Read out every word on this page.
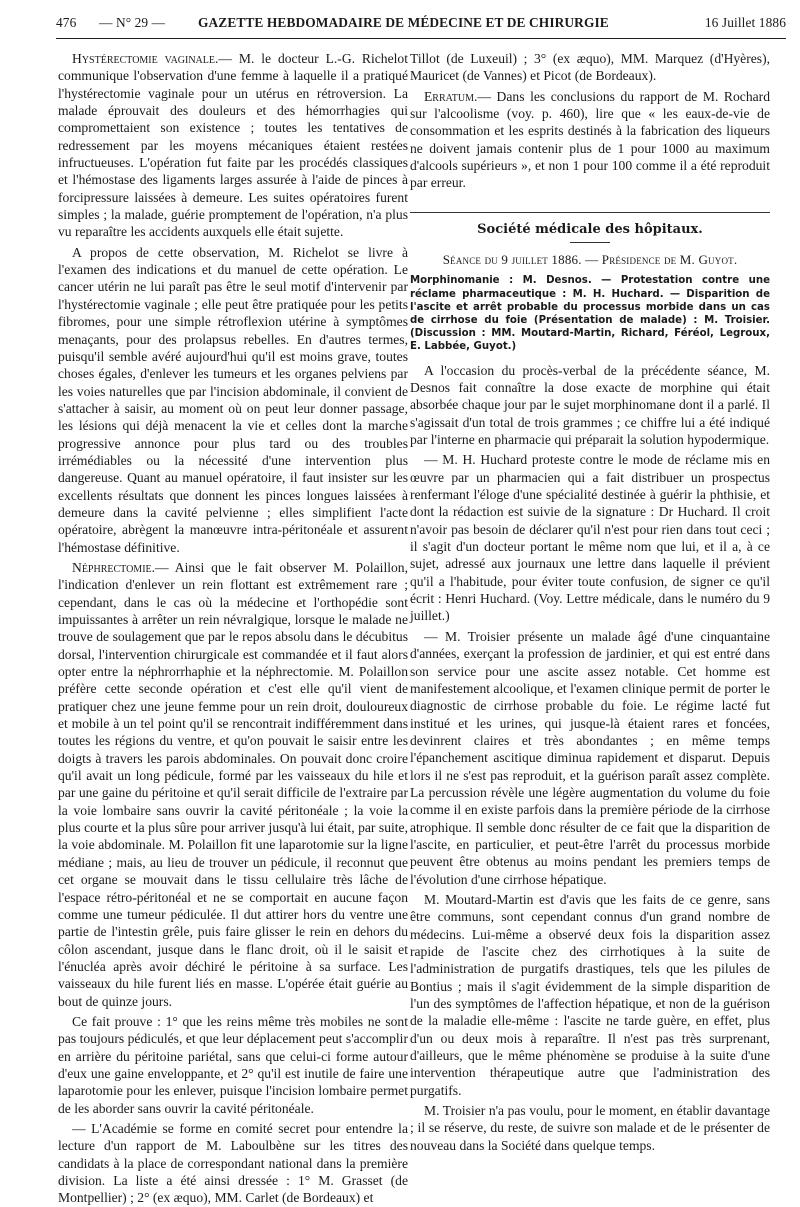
476 — N° 29 — GAZETTE HEBDOMADAIRE DE MÉDECINE ET DE CHIRURGIE	16 Juillet 1886

Hystérectomie vaginale.— M. le docteur L.-G. Richelot communique l'observation d'une femme à laquelle il a pratiqué l'hystérectomie vaginale pour un utérus en rétroversion. La malade éprouvait des douleurs et des hémorrhagies qui compromettaient son existence ; toutes les tentatives de redressement par les moyens mécaniques étaient restées infructueuses. L'opération fut faite par les procédés classiques et l'hémostase des ligaments larges assurée à l'aide de pinces à forcipressure laissées à demeure. Les suites opératoires furent simples ; la malade, guérie promptement de l'opération, n'a plus vu reparaître les accidents auxquels elle était sujette.

A propos de cette observation, M. Richelot se livre à l'examen des indications et du manuel de cette opération. Le cancer utérin ne lui paraît pas être le seul motif d'intervenir par l'hystérectomie vaginale ; elle peut être pratiquée pour les petits fibromes, pour une simple rétroflexion utérine à symptômes menaçants, pour des prolapsus rebelles. En d'autres termes, puisqu'il semble avéré aujourd'hui qu'il est moins grave, toutes choses égales, d'enlever les tumeurs et les organes pelviens par les voies naturelles que par l'incision abdominale, il convient de s'attacher à saisir, au moment où on peut leur donner passage, les lésions qui déjà menacent la vie et celles dont la marche progressive annonce pour plus tard ou des troubles irrémédiables ou la nécessité d'une intervention plus dangereuse. Quant au manuel opératoire, il faut insister sur les excellents résultats que donnent les pinces longues laissées à demeure dans la cavité pelvienne ; elles simplifient l'acte opératoire, abrègent la manœuvre intra-péritonéale et assurent l'hémostase définitive.

Néphrectomie.— Ainsi que le fait observer M. Polaillon, l'indication d'enlever un rein flottant est extrêmement rare ; cependant, dans le cas où la médecine et l'orthopédie sont impuissantes à arrêter un rein névralgique, lorsque le malade ne trouve de soulagement que par le repos absolu dans le décubitus dorsal, l'intervention chirurgicale est commandée et il faut alors opter entre la néphrorrhaphie et la néphrectomie. M. Polaillon préfère cette seconde opération et c'est elle qu'il vient de pratiquer chez une jeune femme pour un rein droit, douloureux et mobile à un tel point qu'il se rencontrait indifféremment dans toutes les régions du ventre, et qu'on pouvait le saisir entre les doigts à travers les parois abdominales. On pouvait donc croire qu'il avait un long pédicule, formé par les vaisseaux du hile et par une gaine du péritoine et qu'il serait difficile de l'extraire par la voie lombaire sans ouvrir la cavité péritonéale ; la voie la plus courte et la plus sûre pour arriver jusqu'à lui était, par suite, la voie abdominale. M. Polaillon fit une laparotomie sur la ligne médiane ; mais, au lieu de trouver un pédicule, il reconnut que cet organe se mouvait dans le tissu cellulaire très lâche de l'espace rétro-péritonéal et ne se comportait en aucune façon comme une tumeur pédiculée. Il dut attirer hors du ventre une partie de l'intestin grêle, puis faire glisser le rein en dehors du côlon ascendant, jusque dans le flanc droit, où il le saisit et l'énucléa après avoir déchiré le péritoine à sa surface. Les vaisseaux du hile furent liés en masse. L'opérée était guérie au bout de quinze jours.

Ce fait prouve : 1° que les reins même très mobiles ne sont pas toujours pédiculés, et que leur déplacement peut s'accomplir en arrière du péritoine pariétal, sans que celui-ci forme autour d'eux une gaine enveloppante, et 2° qu'il est inutile de faire une laparotomie pour les enlever, puisque l'incision lombaire permet de les aborder sans ouvrir la cavité péritonéale.

— L'Académie se forme en comité secret pour entendre la lecture d'un rapport de M. Laboulbène sur les titres des candidats à la place de correspondant national dans la première division. La liste a été ainsi dressée : 1° M. Grasset (de Montpellier) ; 2° (ex æquo), MM. Carlet (de Bordeaux) et

Tillot (de Luxeuil) ; 3° (ex æquo), MM. Marquez (d'Hyères), Mauricet (de Vannes) et Picot (de Bordeaux).

Erratum.— Dans les conclusions du rapport de M. Rochard sur l'alcoolisme (voy. p. 460), lire que « les eaux-de-vie de consommation et les esprits destinés à la fabrication des liqueurs ne doivent jamais contenir plus de 1 pour 1000 au maximum d'alcools supérieurs », et non 1 pour 100 comme il a été reproduit par erreur.

Société médicale des hôpitaux.
Séance du 9 juillet 1886. — Présidence de M. Guyot.
Morphinomanie : M. Desnos. — Protestation contre une réclame pharmaceutique : M. H. Huchard. — Disparition de l'ascite et arrêt probable du processus morbide dans un cas de cirrhose du foie (Présentation de malade) : M. Troisier. (Discussion : MM. Moutard-Martin, Richard, Féréol, Legroux, E. Labbée, Guyot.)

A l'occasion du procès-verbal de la précédente séance, M. Desnos fait connaître la dose exacte de morphine qui était absorbée chaque jour par le sujet morphinomane dont il a parlé. Il s'agissait d'un total de trois grammes ; ce chiffre lui a été indiqué par l'interne en pharmacie qui préparait la solution hypodermique.

— M. H. Huchard proteste contre le mode de réclame mis en œuvre par un pharmacien qui a fait distribuer un prospectus renfermant l'éloge d'une spécialité destinée à guérir la phthisie, et dont la rédaction est suivie de la signature : Dr Huchard. Il croit n'avoir pas besoin de déclarer qu'il n'est pour rien dans tout ceci ; il s'agit d'un docteur portant le même nom que lui, et il a, à ce sujet, adressé aux journaux une lettre dans laquelle il prévient qu'il a l'habitude, pour éviter toute confusion, de signer ce qu'il écrit : Henri Huchard. (Voy. Lettre médicale, dans le numéro du 9 juillet.)

— M. Troisier présente un malade âgé d'une cinquantaine d'années, exerçant la profession de jardinier, et qui est entré dans son service pour une ascite assez notable. Cet homme est manifestement alcoolique, et l'examen clinique permit de porter le diagnostic de cirrhose probable du foie. Le régime lacté fut institué et les urines, qui jusque-là étaient rares et foncées, devinrent claires et très abondantes ; en même temps l'épanchement ascitique diminua rapidement et disparut. Depuis lors il ne s'est pas reproduit, et la guérison paraît assez complète. La percussion révèle une légère augmentation du volume du foie comme il en existe parfois dans la première période de la cirrhose atrophique. Il semble donc résulter de ce fait que la disparition de l'ascite, en particulier, et peut-être l'arrêt du processus morbide peuvent être obtenus au moins pendant les premiers temps de l'évolution d'une cirrhose hépatique.

M. Moutard-Martin est d'avis que les faits de ce genre, sans être communs, sont cependant connus d'un grand nombre de médecins. Lui-même a observé deux fois la disparition assez rapide de l'ascite chez des cirrhotiques à la suite de l'administration de purgatifs drastiques, tels que les pilules de Bontius ; mais il s'agit évidemment de la simple disparition de l'un des symptômes de l'affection hépatique, et non de la guérison de la maladie elle-même : l'ascite ne tarde guère, en effet, plus d'un ou deux mois à reparaître. Il n'est pas très surprenant, d'ailleurs, que le même phénomène se produise à la suite d'une intervention thérapeutique autre que l'administration des purgatifs.

M. Troisier n'a pas voulu, pour le moment, en établir davantage ; il se réserve, du reste, de suivre son malade et de le présenter de nouveau dans la Société dans quelque temps.
